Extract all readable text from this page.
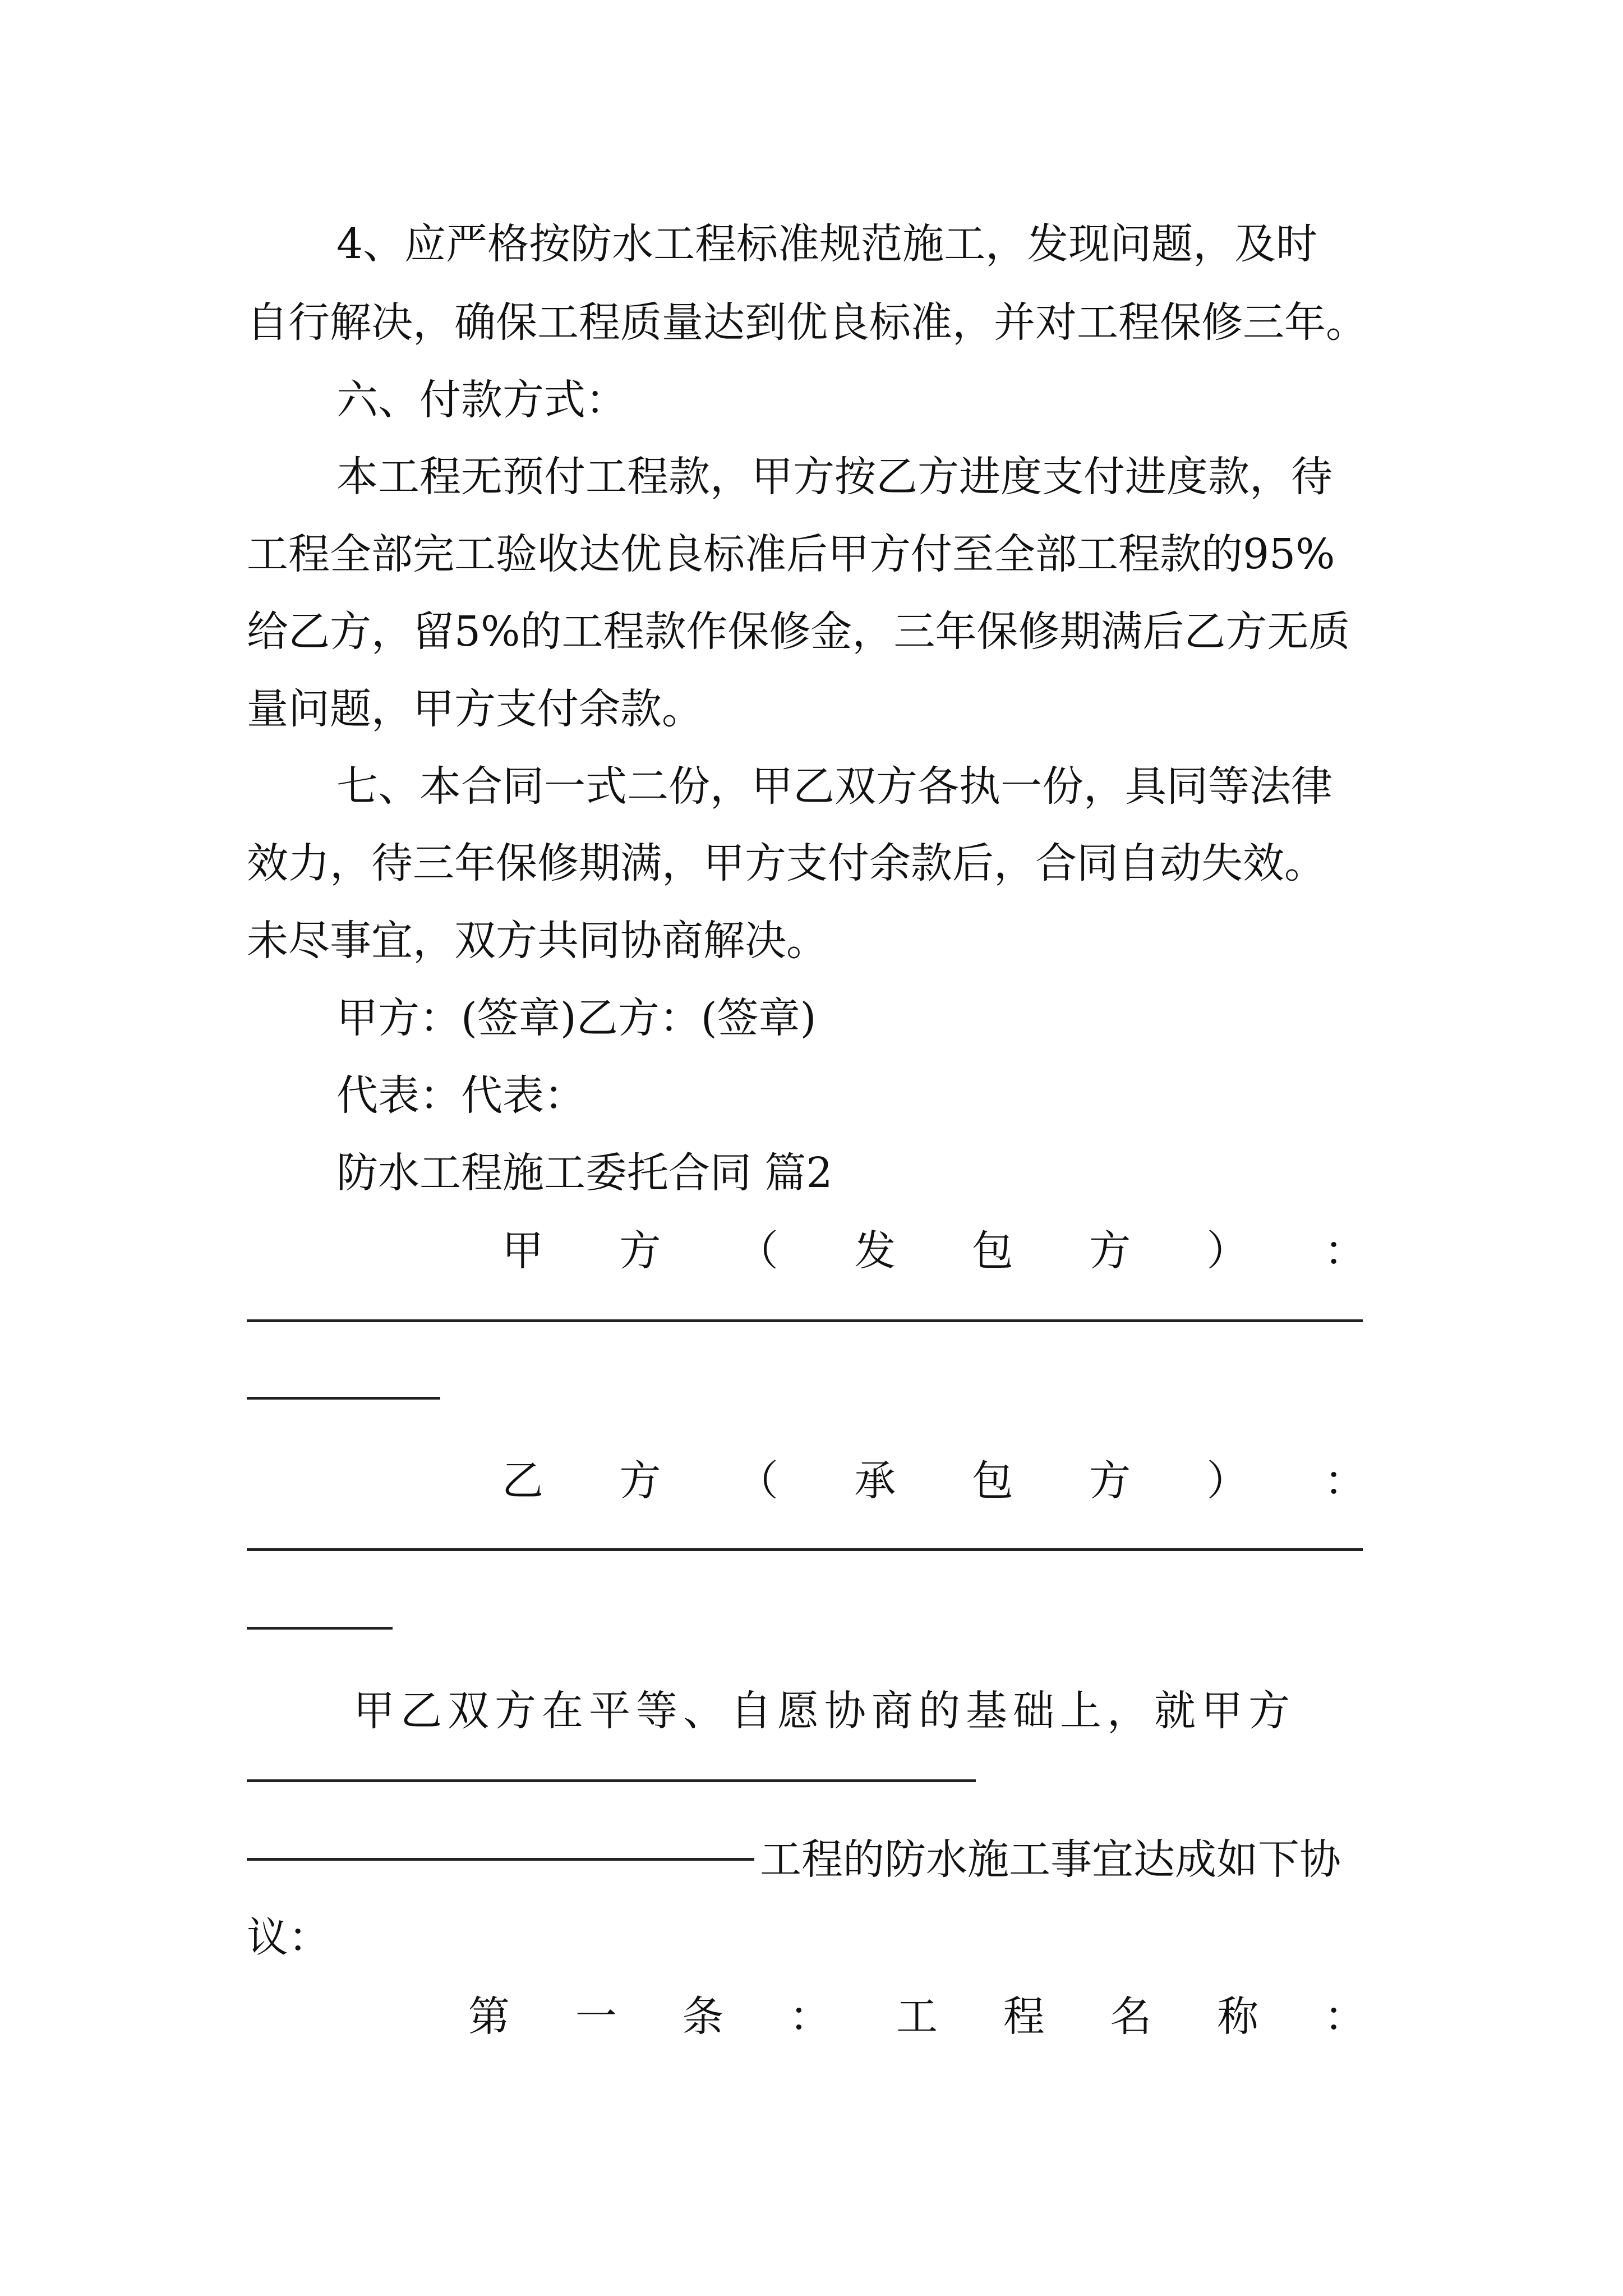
4、应严格按防水工程标准规范施工，发现问题，及时
自行解决，确保工程质量达到优良标准，并对工程保修三年。
六、付款方式：
本工程无预付工程款，甲方按乙方进度支付进度款，待
工程全部完工验收达优良标准后甲方付至全部工程款的95%
给乙方，留5%的工程款作保修金，三年保修期满后乙方无质
量问题，甲方支付余款。
七、本合同一式二份，甲乙双方各执一份，具同等法律
效力，待三年保修期满，甲方支付余款后，合同自动失效。
未尽事宜，双方共同协商解决。
甲方：(签章)乙方：(签章)
代表：代表：
防水工程施工委托合同 篇2
甲 方 （ 发 包 方 ） ：
乙 方 （ 承 包 方 ） ：
甲乙双方在平等、自愿协商的基础上，就甲方
工程的防水施工事宜达成如下协
议：
第 一 条 ： 工 程 名 称 ：
